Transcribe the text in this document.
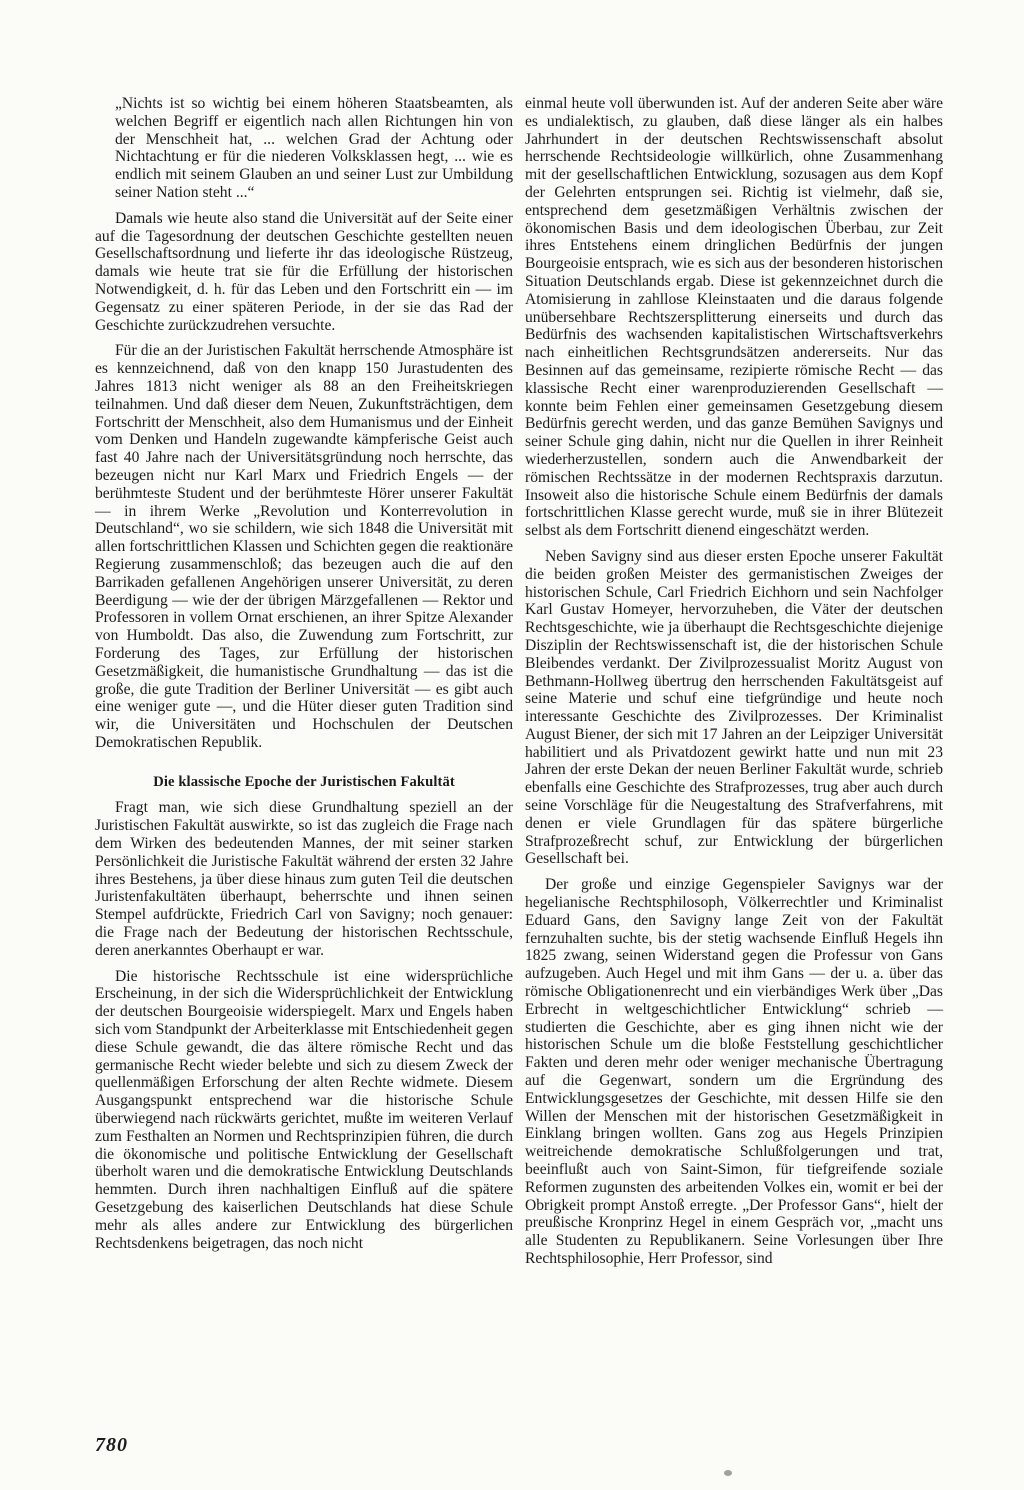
„Nichts ist so wichtig bei einem höheren Staatsbeamten, als welchen Begriff er eigentlich nach allen Richtungen hin von der Menschheit hat, ... welchen Grad der Achtung oder Nichtachtung er für die niederen Volksklassen hegt, ... wie es endlich mit seinem Glauben an und seiner Lust zur Umbildung seiner Nation steht ...“

Damals wie heute also stand die Universität auf der Seite einer auf die Tagesordnung der deutschen Geschichte gestellten neuen Gesellschaftsordnung und lieferte ihr das ideologische Rüstzeug, damals wie heute trat sie für die Erfüllung der historischen Notwendigkeit, d. h. für das Leben und den Fortschritt ein — im Gegensatz zu einer späteren Periode, in der sie das Rad der Geschichte zurückzudrehen versuchte.

Für die an der Juristischen Fakultät herrschende Atmosphäre ist es kennzeichnend, daß von den knapp 150 Jurastudenten des Jahres 1813 nicht weniger als 88 an den Freiheitskriegen teilnahmen. Und daß dieser dem Neuen, Zukunftsträchtigen, dem Fortschritt der Menschheit, also dem Humanismus und der Einheit vom Denken und Handeln zugewandte kämpferische Geist auch fast 40 Jahre nach der Universitätsgründung noch herrschte, das bezeugen nicht nur Karl Marx und Friedrich Engels — der berühmteste Student und der berühmteste Hörer unserer Fakultät — in ihrem Werke „Revolution und Konterrevolution in Deutschland“, wo sie schildern, wie sich 1848 die Universität mit allen fortschrittlichen Klassen und Schichten gegen die reaktionäre Regierung zusammenschloß; das bezeugen auch die auf den Barrikaden gefallenen Angehörigen unserer Universität, zu deren Beerdigung — wie der der übrigen Märzgefallenen — Rektor und Professoren in vollem Ornat erschienen, an ihrer Spitze Alexander von Humboldt. Das also, die Zuwendung zum Fortschritt, zur Forderung des Tages, zur Erfüllung der historischen Gesetzmäßigkeit, die humanistische Grundhaltung — das ist die große, die gute Tradition der Berliner Universität — es gibt auch eine weniger gute —, und die Hüter dieser guten Tradition sind wir, die Universitäten und Hochschulen der Deutschen Demokratischen Republik.

Die klassische Epoche der Juristischen Fakultät

Fragt man, wie sich diese Grundhaltung speziell an der Juristischen Fakultät auswirkte, so ist das zugleich die Frage nach dem Wirken des bedeutenden Mannes, der mit seiner starken Persönlichkeit die Juristische Fakultät während der ersten 32 Jahre ihres Bestehens, ja über diese hinaus zum guten Teil die deutschen Juristenfakultäten überhaupt, beherrschte und ihnen seinen Stempel aufdrückte, Friedrich Carl von Savigny; noch genauer: die Frage nach der Bedeutung der historischen Rechtsschule, deren anerkanntes Oberhaupt er war.

Die historische Rechtsschule ist eine widersprüchliche Erscheinung, in der sich die Widersprüchlichkeit der Entwicklung der deutschen Bourgeoisie widerspiegelt. Marx und Engels haben sich vom Standpunkt der Arbeiterklasse mit Entschiedenheit gegen diese Schule gewandt, die das ältere römische Recht und das germanische Recht wieder belebte und sich zu diesem Zweck der quellenmäßigen Erforschung der alten Rechte widmete. Diesem Ausgangspunkt entsprechend war die historische Schule überwiegend nach rückwärts gerichtet, mußte im weiteren Verlauf zum Festhalten an Normen und Rechtsprinzipien führen, die durch die ökonomische und politische Entwicklung der Gesellschaft überholt waren und die demokratische Entwicklung Deutschlands hemmten. Durch ihren nachhaltigen Einfluß auf die spätere Gesetzgebung des kaiserlichen Deutschlands hat diese Schule mehr als alles andere zur Entwicklung des bürgerlichen Rechtsdenkens beigetragen, das noch nicht

einmal heute voll überwunden ist. Auf der anderen Seite aber wäre es undialektisch, zu glauben, daß diese länger als ein halbes Jahrhundert in der deutschen Rechtswissenschaft absolut herrschende Rechtsideologie willkürlich, ohne Zusammenhang mit der gesellschaftlichen Entwicklung, sozusagen aus dem Kopf der Gelehrten entsprungen sei. Richtig ist vielmehr, daß sie, entsprechend dem gesetzmäßigen Verhältnis zwischen der ökonomischen Basis und dem ideologischen Überbau, zur Zeit ihres Entstehens einem dringlichen Bedürfnis der jungen Bourgeoisie entsprach, wie es sich aus der besonderen historischen Situation Deutschlands ergab. Diese ist gekennzeichnet durch die Atomisierung in zahllose Kleinstaaten und die daraus folgende unübersehbare Rechtszersplitterung einerseits und durch das Bedürfnis des wachsenden kapitalistischen Wirtschaftsverkehrs nach einheitlichen Rechtsgrundsätzen andererseits. Nur das Besinnen auf das gemeinsame, rezipierte römische Recht — das klassische Recht einer warenproduzierenden Gesellschaft — konnte beim Fehlen einer gemeinsamen Gesetzgebung diesem Bedürfnis gerecht werden, und das ganze Bemühen Savignys und seiner Schule ging dahin, nicht nur die Quellen in ihrer Reinheit wiederherzustellen, sondern auch die Anwendbarkeit der römischen Rechtssätze in der modernen Rechtspraxis darzutun. Insoweit also die historische Schule einem Bedürfnis der damals fortschrittlichen Klasse gerecht wurde, muß sie in ihrer Blütezeit selbst als dem Fortschritt dienend eingeschätzt werden.

Neben Savigny sind aus dieser ersten Epoche unserer Fakultät die beiden großen Meister des germanistischen Zweiges der historischen Schule, Carl Friedrich Eichhorn und sein Nachfolger Karl Gustav Homeyer, hervorzuheben, die Väter der deutschen Rechtsgeschichte, wie ja überhaupt die Rechtsgeschichte diejenige Disziplin der Rechtswissenschaft ist, die der historischen Schule Bleibendes verdankt. Der Zivilprozessualist Moritz August von Bethmann-Hollweg übertrug den herrschenden Fakultätsgeist auf seine Materie und schuf eine tiefgründige und heute noch interessante Geschichte des Zivilprozesses. Der Kriminalist August Biener, der sich mit 17 Jahren an der Leipziger Universität habilitiert und als Privatdozent gewirkt hatte und nun mit 23 Jahren der erste Dekan der neuen Berliner Fakultät wurde, schrieb ebenfalls eine Geschichte des Strafprozesses, trug aber auch durch seine Vorschläge für die Neugestaltung des Strafverfahrens, mit denen er viele Grundlagen für das spätere bürgerliche Strafprozeßrecht schuf, zur Entwicklung der bürgerlichen Gesellschaft bei.

Der große und einzige Gegenspieler Savignys war der hegelianische Rechtsphilosoph, Völkerrechtler und Kriminalist Eduard Gans, den Savigny lange Zeit von der Fakultät fernzuhalten suchte, bis der stetig wachsende Einfluß Hegels ihn 1825 zwang, seinen Widerstand gegen die Professur von Gans aufzugeben. Auch Hegel und mit ihm Gans — der u. a. über das römische Obligationenrecht und ein vierbändiges Werk über „Das Erbrecht in weltgeschichtlicher Entwicklung“ schrieb — studierten die Geschichte, aber es ging ihnen nicht wie der historischen Schule um die bloße Feststellung geschichtlicher Fakten und deren mehr oder weniger mechanische Übertragung auf die Gegenwart, sondern um die Ergründung des Entwicklungsgesetzes der Geschichte, mit dessen Hilfe sie den Willen der Menschen mit der historischen Gesetzmäßigkeit in Einklang bringen wollten. Gans zog aus Hegels Prinzipien weitreichende demokratische Schlußfolgerungen und trat, beeinflußt auch von Saint-Simon, für tiefgreifende soziale Reformen zugunsten des arbeitenden Volkes ein, womit er bei der Obrigkeit prompt Anstoß erregte. „Der Professor Gans“, hielt der preußische Kronprinz Hegel in einem Gespräch vor, „macht uns alle Studenten zu Republikanern. Seine Vorlesungen über Ihre Rechtsphilosophie, Herr Professor, sind

780
